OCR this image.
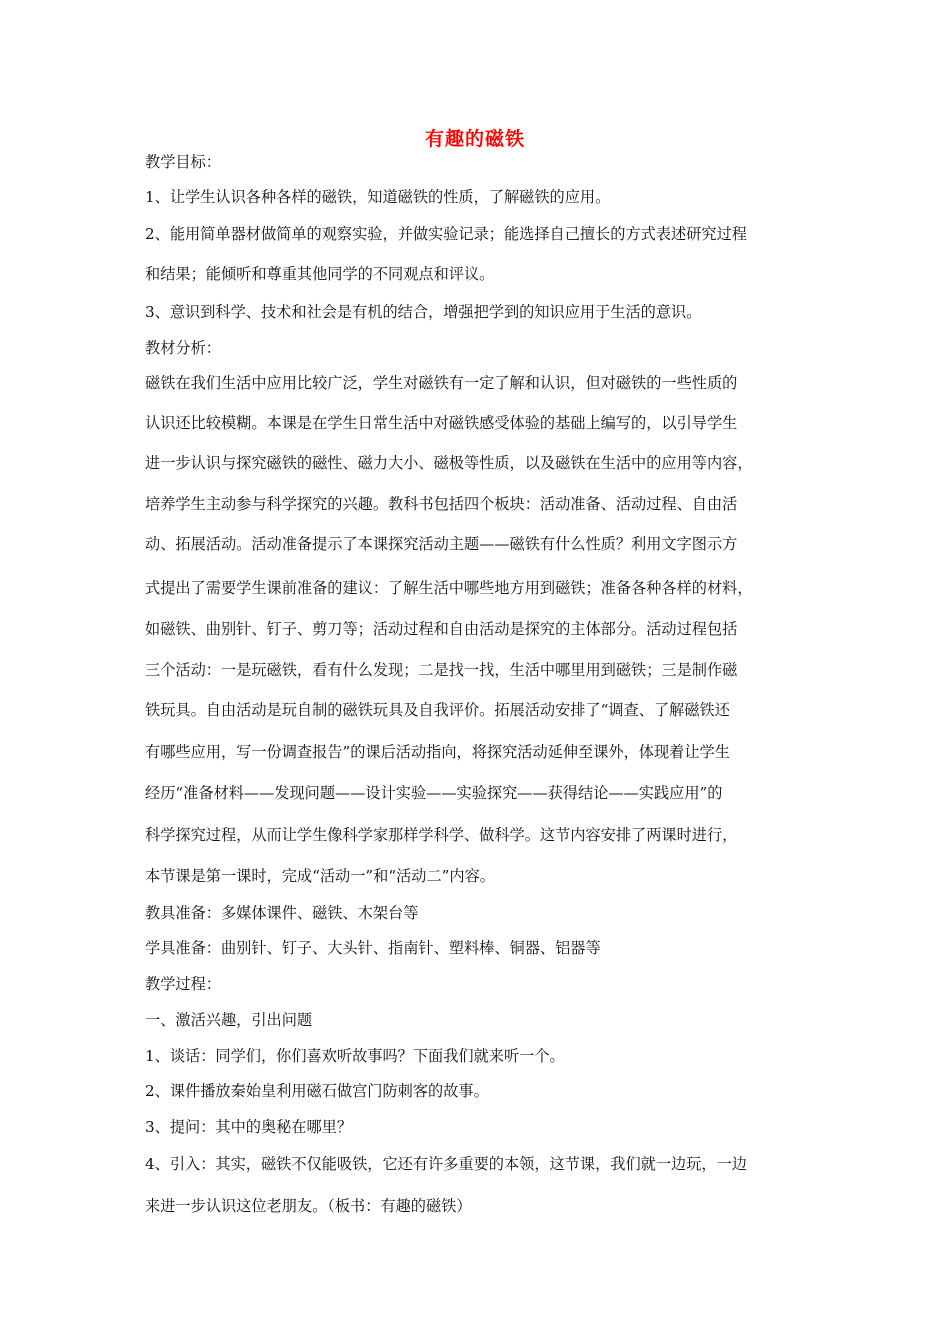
有趣的磁铁
教学目标：
1、让学生认识各种各样的磁铁，知道磁铁的性质，了解磁铁的应用。
2、能用简单器材做简单的观察实验，并做实验记录；能选择自己擅长的方式表述研究过程
和结果；能倾听和尊重其他同学的不同观点和评议。
3、意识到科学、技术和社会是有机的结合，增强把学到的知识应用于生活的意识。
教材分析：
磁铁在我们生活中应用比较广泛，学生对磁铁有一定了解和认识，但对磁铁的一些性质的
认识还比较模糊。本课是在学生日常生活中对磁铁感受体验的基础上编写的，以引导学生
进一步认识与探究磁铁的磁性、磁力大小、磁极等性质，以及磁铁在生活中的应用等内容，
培养学生主动参与科学探究的兴趣。教科书包括四个板块：活动准备、活动过程、自由活
动、拓展活动。活动准备提示了本课探究活动主题——磁铁有什么性质？利用文字图示方
式提出了需要学生课前准备的建议：了解生活中哪些地方用到磁铁；准备各种各样的材料，
如磁铁、曲别针、钉子、剪刀等；活动过程和自由活动是探究的主体部分。活动过程包括
三个活动：一是玩磁铁，看有什么发现；二是找一找，生活中哪里用到磁铁；三是制作磁
铁玩具。自由活动是玩自制的磁铁玩具及自我评价。拓展活动安排了“调查、了解磁铁还
有哪些应用，写一份调查报告”的课后活动指向，将探究活动延伸至课外，体现着让学生
经历“准备材料——发现问题——设计实验——实验探究——获得结论——实践应用”的
科学探究过程，从而让学生像科学家那样学科学、做科学。这节内容安排了两课时进行，
本节课是第一课时，完成“活动一”和“活动二”内容。
教具准备：多媒体课件、磁铁、木架台等
学具准备：曲别针、钉子、大头针、指南针、塑料棒、铜器、铝器等
教学过程：
一、激活兴趣，引出问题
1、谈话：同学们，你们喜欢听故事吗？下面我们就来听一个。
2、课件播放秦始皇利用磁石做宫门防刺客的故事。
3、提问：其中的奥秘在哪里？
4、引入：其实，磁铁不仅能吸铁，它还有许多重要的本领，这节课，我们就一边玩，一边
来进一步认识这位老朋友。（板书：有趣的磁铁）
